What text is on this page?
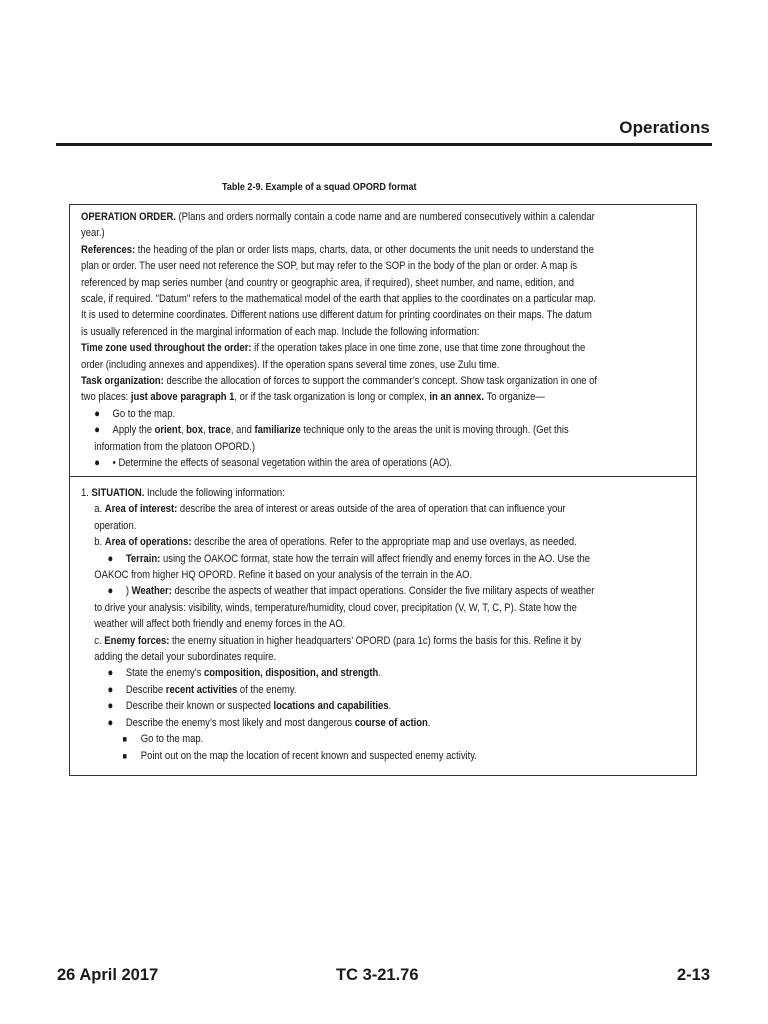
Operations
Table 2-9. Example of a squad OPORD format
OPERATION ORDER. (Plans and orders normally contain a code name and are numbered consecutively within a calendar
year.)
References: the heading of the plan or order lists maps, charts, data, or other documents the unit needs to understand the
plan or order. The user need not reference the SOP, but may refer to the SOP in the body of the plan or order. A map is
referenced by map series number (and country or geographic area, if required), sheet number, and name, edition, and
scale, if required. "Datum" refers to the mathematical model of the earth that applies to the coordinates on a particular map.
It is used to determine coordinates. Different nations use different datum for printing coordinates on their maps. The datum
is usually referenced in the marginal information of each map. Include the following information:
Time zone used throughout the order: if the operation takes place in one time zone, use that time zone throughout the
order (including annexes and appendixes). If the operation spans several time zones, use Zulu time.
Task organization: describe the allocation of forces to support the commander’s concept. Show task organization in one of
two places: just above paragraph 1, or if the task organization is long or complex, in an annex. To organize—
● Go to the map.
● Apply the orient, box, trace, and familiarize technique only to the areas the unit is moving through. (Get this
information from the platoon OPORD.)
● • Determine the effects of seasonal vegetation within the area of operations (AO).
1. SITUATION. Include the following information:
a. Area of interest: describe the area of interest or areas outside of the area of operation that can influence your
operation.
b. Area of operations: describe the area of operations. Refer to the appropriate map and use overlays, as needed.
● Terrain: using the OAKOC format, state how the terrain will affect friendly and enemy forces in the AO. Use the
OAKOC from higher HQ OPORD. Refine it based on your analysis of the terrain in the AO.
● ) Weather: describe the aspects of weather that impact operations. Consider the five military aspects of weather
to drive your analysis: visibility, winds, temperature/humidity, cloud cover, precipitation (V, W, T, C, P). State how the
weather will affect both friendly and enemy forces in the AO.
c. Enemy forces: the enemy situation in higher headquarters’ OPORD (para 1c) forms the basis for this. Refine it by
adding the detail your subordinates require.
● State the enemy’s composition, disposition, and strength.
● Describe recent activities of the enemy.
● Describe their known or suspected locations and capabilities.
● Describe the enemy’s most likely and most dangerous course of action.
■ Go to the map.
■ Point out on the map the location of recent known and suspected enemy activity.
26 April 2017	TC 3-21.76	2-13
